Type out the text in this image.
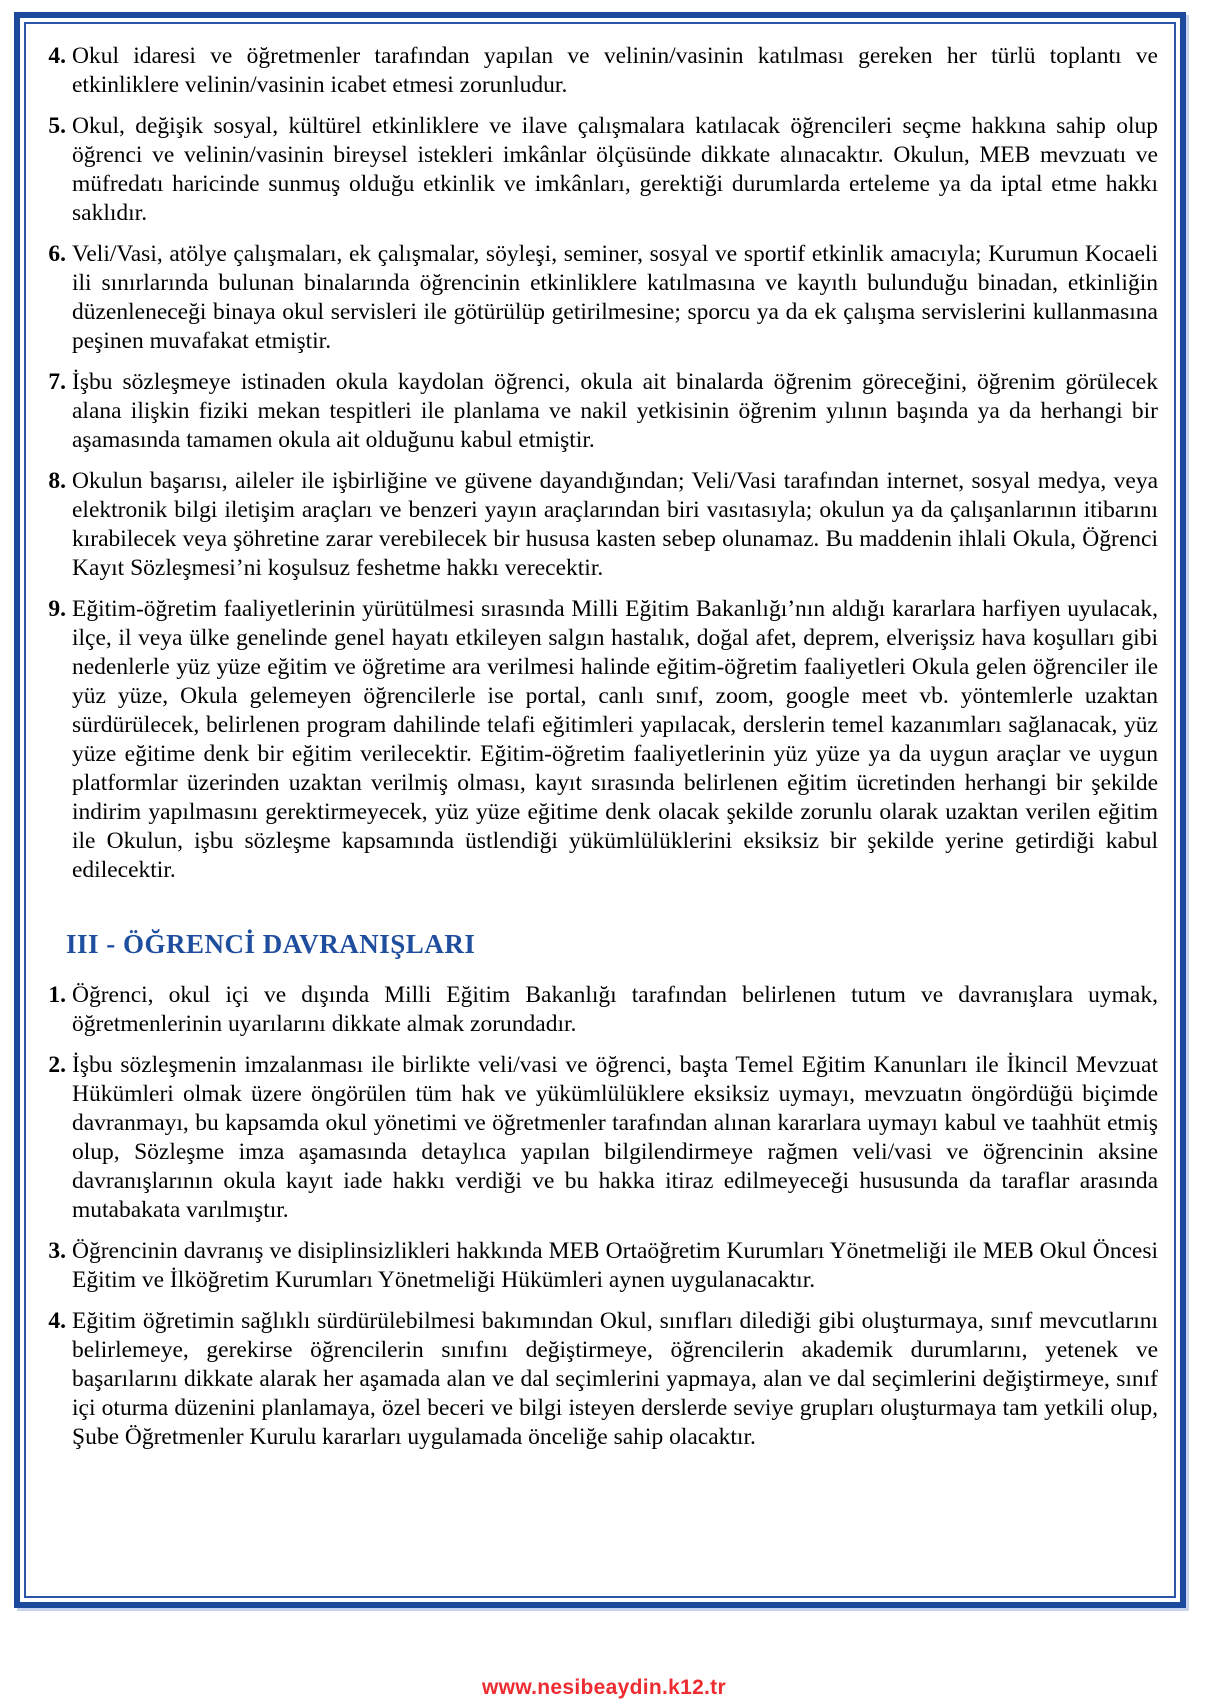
4. Okul idaresi ve öğretmenler tarafından yapılan ve velinin/vasinin katılması gereken her türlü toplantı ve etkinliklere velinin/vasinin icabet etmesi zorunludur.
5. Okul, değişik sosyal, kültürel etkinliklere ve ilave çalışmalara katılacak öğrencileri seçme hakkına sahip olup öğrenci ve velinin/vasinin bireysel istekleri imkânlar ölçüsünde dikkate alınacaktır. Okulun, MEB mevzuatı ve müfredatı haricinde sunmuş olduğu etkinlik ve imkânları, gerektiği durumlarda erteleme ya da iptal etme hakkı saklıdır.
6. Veli/Vasi, atölye çalışmaları, ek çalışmalar, söyleşi, seminer, sosyal ve sportif etkinlik amacıyla; Kurumun Kocaeli ili sınırlarında bulunan binalarında öğrencinin etkinliklere katılmasına ve kayıtlı bulunduğu binadan, etkinliğin düzenleneceği binaya okul servisleri ile götürülüp getirilmesine; sporcu ya da ek çalışma servislerini kullanmasına peşinen muvafakat etmiştir.
7. İşbu sözleşmeye istinaden okula kaydolan öğrenci, okula ait binalarda öğrenim göreceğini, öğrenim görülecek alana ilişkin fiziki mekan tespitleri ile planlama ve nakil yetkisinin öğrenim yılının başında ya da herhangi bir aşamasında tamamen okula ait olduğunu kabul etmiştir.
8. Okulun başarısı, aileler ile işbirliğine ve güvene dayandığından; Veli/Vasi tarafından internet, sosyal medya, veya elektronik bilgi iletişim araçları ve benzeri yayın araçlarından biri vasıtasıyla; okulun ya da çalışanlarının itibarını kırabilecek veya şöhretine zarar verebilecek bir hususa kasten sebep olunamaz. Bu maddenin ihlali Okula, Öğrenci Kayıt Sözleşmesi’ni koşulsuz feshetme hakkı verecektir.
9. Eğitim-öğretim faaliyetlerinin yürütülmesi sırasında Milli Eğitim Bakanlığı’nın aldığı kararlara harfiyen uyulacak, ilçe, il veya ülke genelinde genel hayatı etkileyen salgın hastalık, doğal afet, deprem, elverişsiz hava koşulları gibi nedenlerle yüz yüze eğitim ve öğretime ara verilmesi halinde eğitim-öğretim faaliyetleri Okula gelen öğrenciler ile yüz yüze, Okula gelemeyen öğrencilerle ise portal, canlı sınıf, zoom, google meet vb. yöntemlerle uzaktan sürdürülecek, belirlenen program dahilinde telafi eğitimleri yapılacak, derslerin temel kazanımları sağlanacak, yüz yüze eğitime denk bir eğitim verilecektir. Eğitim-öğretim faaliyetlerinin yüz yüze ya da uygun araçlar ve uygun platformlar üzerinden uzaktan verilmiş olması, kayıt sırasında belirlenen eğitim ücretinden herhangi bir şekilde indirim yapılmasını gerektirmeyecek, yüz yüze eğitime denk olacak şekilde zorunlu olarak uzaktan verilen eğitim ile Okulun, işbu sözleşme kapsamında üstlendiği yükümlülüklerini eksiksiz bir şekilde yerine getirdiği kabul edilecektir.
III - ÖĞRENCİ DAVRANIŞLARI
1. Öğrenci, okul içi ve dışında Milli Eğitim Bakanlığı tarafından belirlenen tutum ve davranışlara uymak, öğretmenlerinin uyarılarını dikkate almak zorundadır.
2. İşbu sözleşmenin imzalanması ile birlikte veli/vasi ve öğrenci, başta Temel Eğitim Kanunları ile İkincil Mevzuat Hükümleri olmak üzere öngörülen tüm hak ve yükümlülüklere eksiksiz uymayı, mevzuatın öngördüğü biçimde davranmayı, bu kapsamda okul yönetimi ve öğretmenler tarafından alınan kararlara uymayı kabul ve taahhüt etmiş olup, Sözleşme imza aşamasında detaylıca yapılan bilgilendirmeye rağmen veli/vasi ve öğrencinin aksine davranışlarının okula kayıt iade hakkı verdiği ve bu hakka itiraz edilmeyeceği hususunda da taraflar arasında mutabakata varılmıştır.
3. Öğrencinin davranış ve disiplinsizlikleri hakkında MEB Ortaöğretim Kurumları Yönetmeliği ile MEB Okul Öncesi Eğitim ve İlköğretim Kurumları Yönetmeliği Hükümleri aynen uygulanacaktır.
4. Eğitim öğretimin sağlıklı sürdürülebilmesi bakımından Okul, sınıfları dilediği gibi oluşturmaya, sınıf mevcutlarını belirlemeye, gerekirse öğrencilerin sınıfını değiştirmeye, öğrencilerin akademik durumlarını, yetenek ve başarılarını dikkate alarak her aşamada alan ve dal seçimlerini yapmaya, alan ve dal seçimlerini değiştirmeye, sınıf içi oturma düzenini planlamaya, özel beceri ve bilgi isteyen derslerde seviye grupları oluşturmaya tam yetkili olup, Şube Öğretmenler Kurulu kararları uygulamada önceliğe sahip olacaktır.
www.nesibeaydin.k12.tr
